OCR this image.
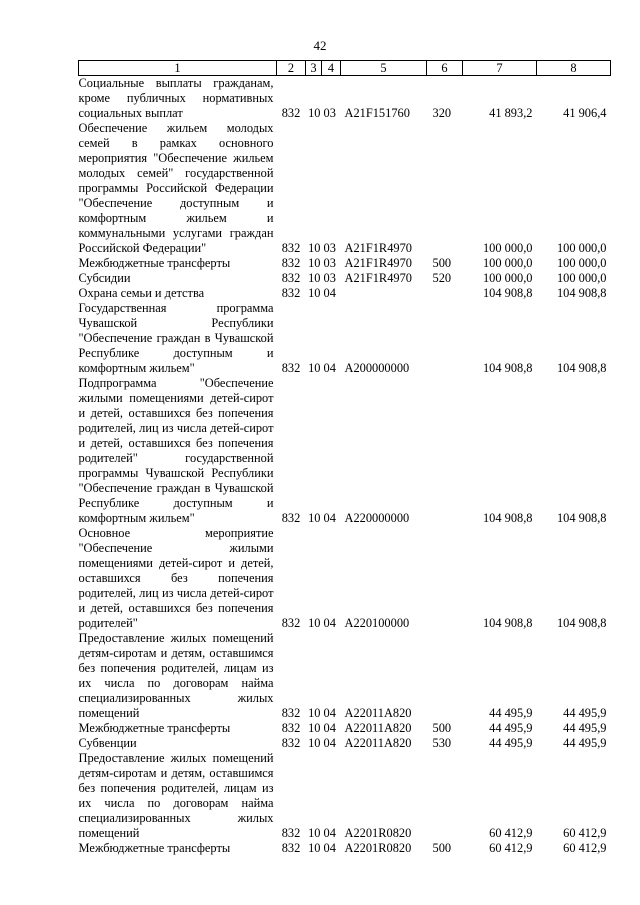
42
1	2	3	4	5	6	7	8
Социальные выплаты гражданам, кроме публичных нормативных социальных выплат	832	10	03	А21F151760	320	41 893,2	41 906,4
Обеспечение жильем молодых семей в рамках основного мероприятия "Обеспечение жильем молодых семей" государственной программы Российской Федерации "Обеспечение доступным и комфортным жильем и коммунальными услугами граждан Российской Федерации"	832	10	03	А21F1R4970		100 000,0	100 000,0
Межбюджетные трансферты	832	10	03	А21F1R4970	500	100 000,0	100 000,0
Субсидии	832	10	03	А21F1R4970	520	100 000,0	100 000,0
Охрана семьи и детства	832	10	04			104 908,8	104 908,8
Государственная программа Чувашской Республики "Обеспечение граждан в Чувашской Республике доступным и комфортным жильем"	832	10	04	А200000000		104 908,8	104 908,8
Подпрограмма "Обеспечение жилыми помещениями детей-сирот и детей, оставшихся без попечения родителей, лиц из числа детей-сирот и детей, оставшихся без попечения родителей" государственной программы Чувашской Республики "Обеспечение граждан в Чувашской Республике доступным и комфортным жильем"	832	10	04	А220000000		104 908,8	104 908,8
Основное мероприятие "Обеспечение жилыми помещениями детей-сирот и детей, оставшихся без попечения родителей, лиц из числа детей-сирот и детей, оставшихся без попечения родителей"	832	10	04	А220100000		104 908,8	104 908,8
Предоставление жилых помещений детям-сиротам и детям, оставшимся без попечения родителей, лицам из их числа по договорам найма специализированных жилых помещений	832	10	04	А22011А820		44 495,9	44 495,9
Межбюджетные трансферты	832	10	04	А22011А820	500	44 495,9	44 495,9
Субвенции	832	10	04	А22011А820	530	44 495,9	44 495,9
Предоставление жилых помещений детям-сиротам и детям, оставшимся без попечения родителей, лицам из их числа по договорам найма специализированных жилых помещений	832	10	04	А2201R0820		60 412,9	60 412,9
Межбюджетные трансферты	832	10	04	А2201R0820	500	60 412,9	60 412,9
